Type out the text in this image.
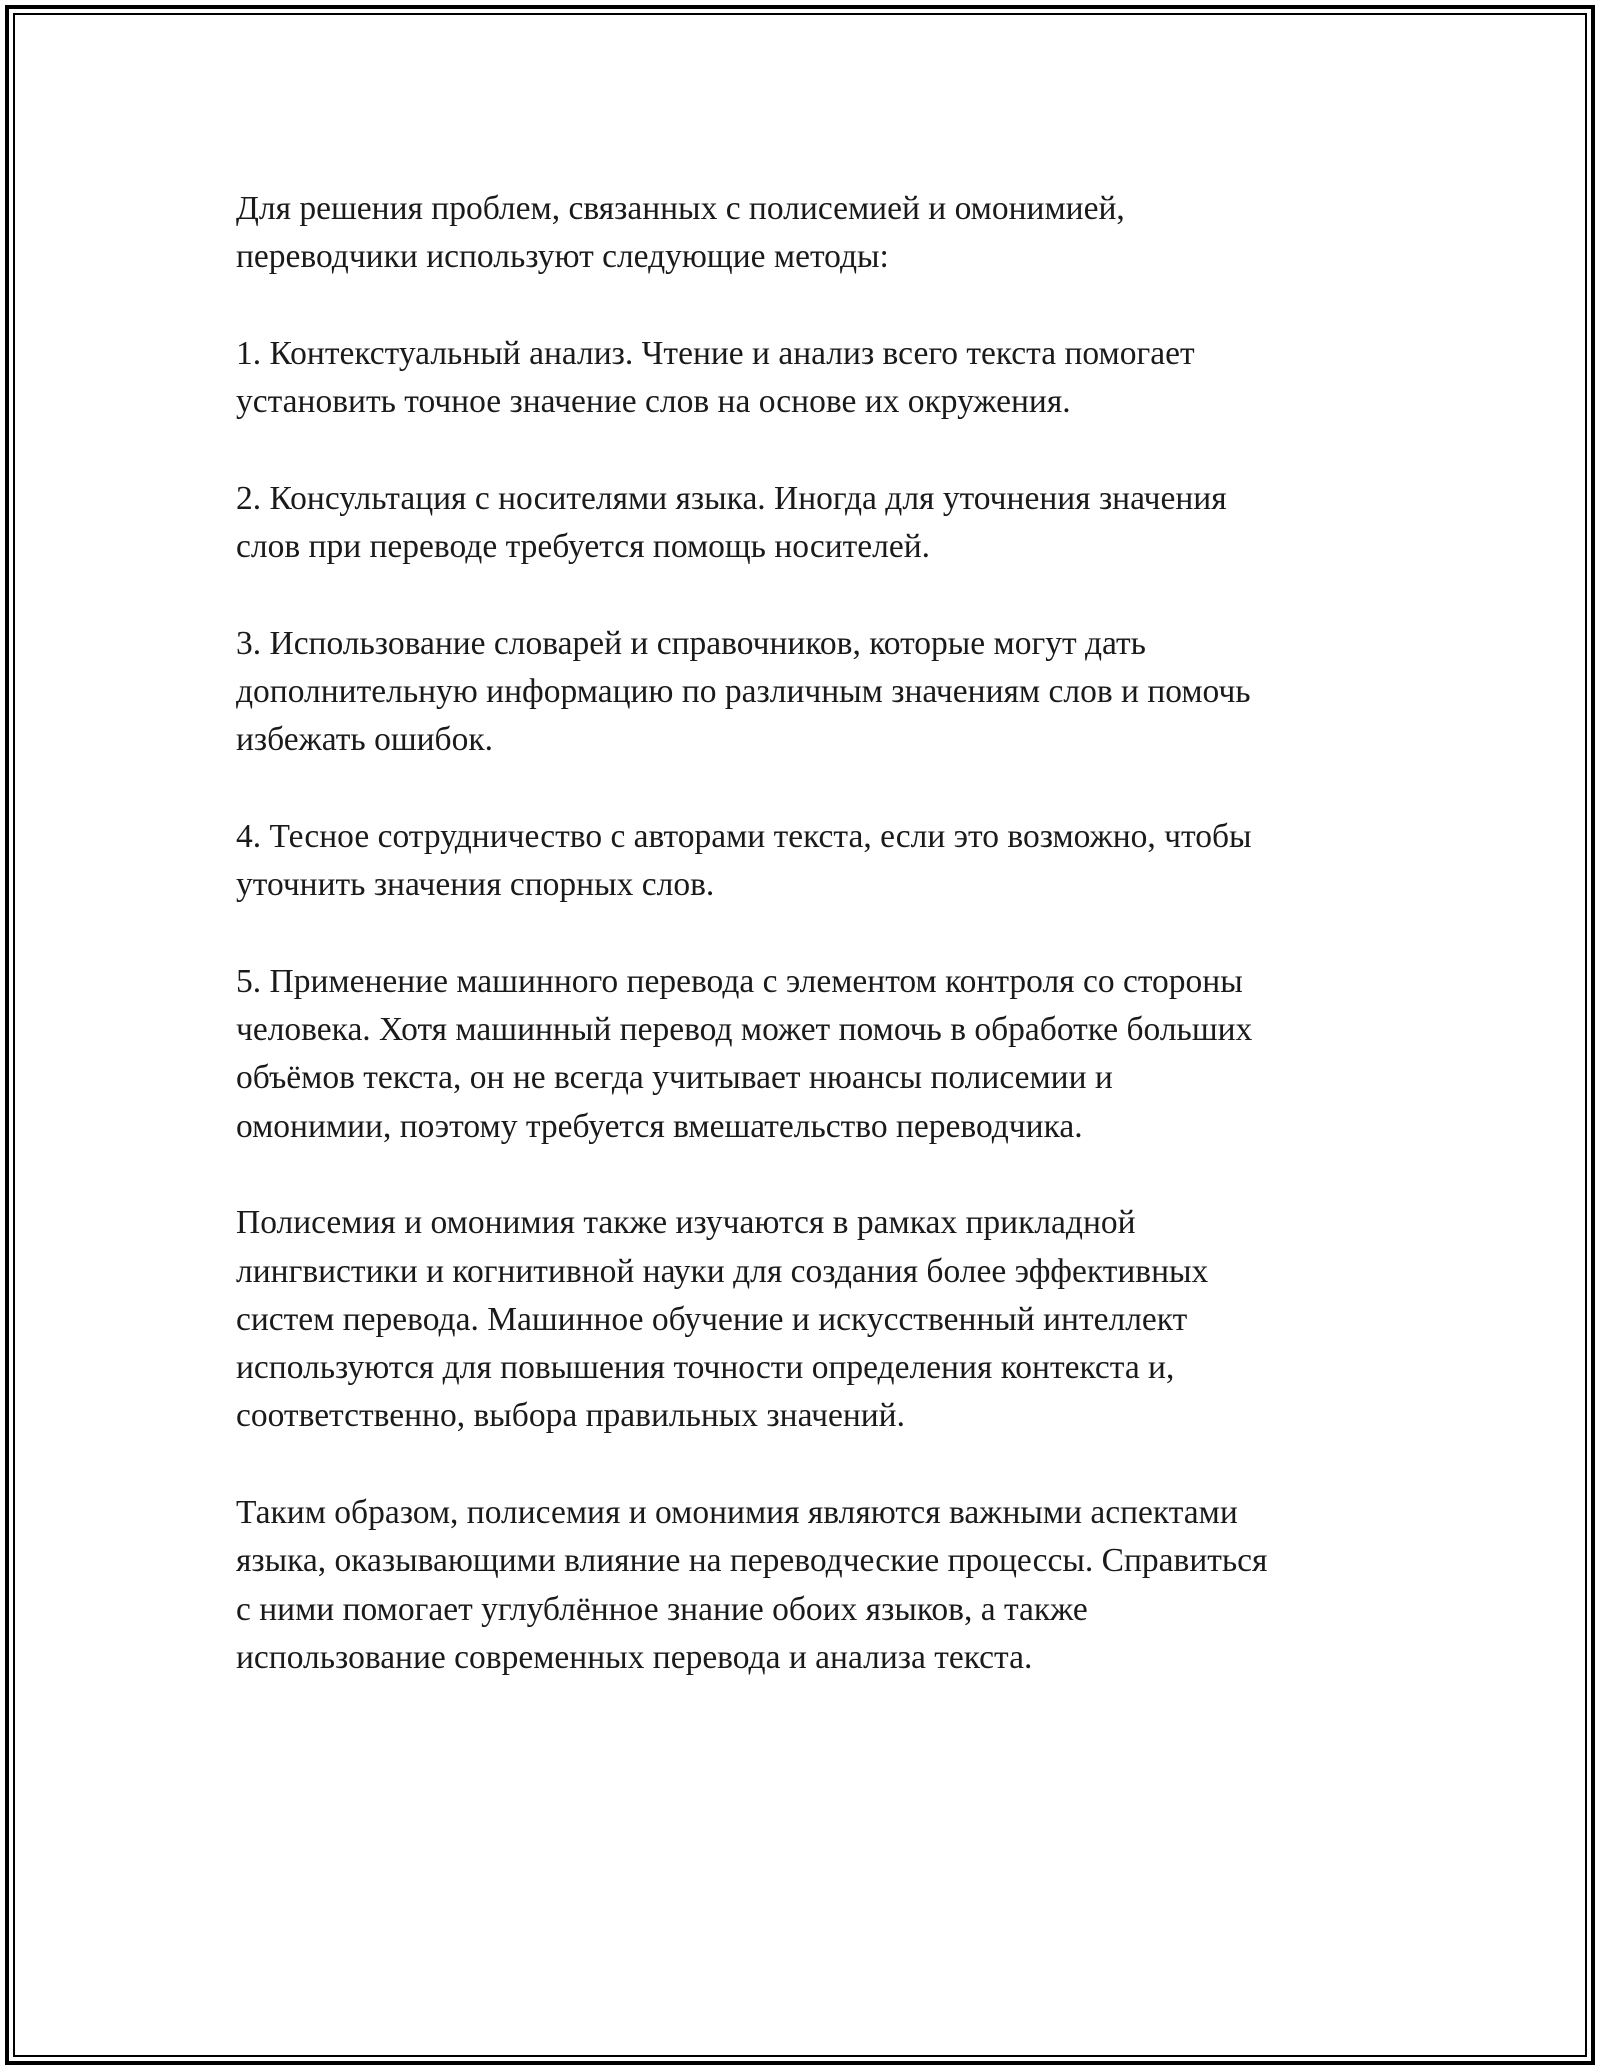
Для решения проблем, связанных с полисемией и омонимией,
переводчики используют следующие методы:

1. Контекстуальный анализ. Чтение и анализ всего текста помогает
установить точное значение слов на основе их окружения.

2. Консультация с носителями языка. Иногда для уточнения значения
слов при переводе требуется помощь носителей.

3. Использование словарей и справочников, которые могут дать
дополнительную информацию по различным значениям слов и помочь
избежать ошибок.

4. Тесное сотрудничество с авторами текста, если это возможно, чтобы
уточнить значения спорных слов.

5. Применение машинного перевода с элементом контроля со стороны
человека. Хотя машинный перевод может помочь в обработке больших
объёмов текста, он не всегда учитывает нюансы полисемии и
омонимии, поэтому требуется вмешательство переводчика.

Полисемия и омонимия также изучаются в рамках прикладной
лингвистики и когнитивной науки для создания более эффективных
систем перевода. Машинное обучение и искусственный интеллект
используются для повышения точности определения контекста и,
соответственно, выбора правильных значений.

Таким образом, полисемия и омонимия являются важными аспектами
языка, оказывающими влияние на переводческие процессы. Справиться
с ними помогает углублённое знание обоих языков, а также
использование современных перевода и анализа текста.
